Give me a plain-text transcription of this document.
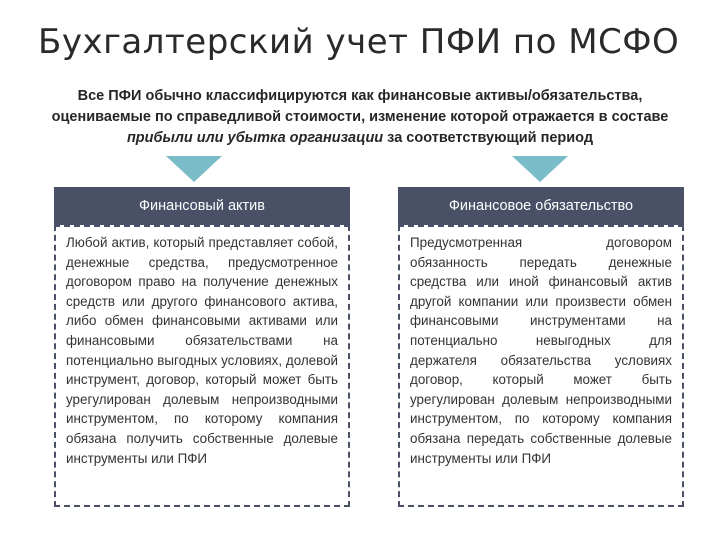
Бухгалтерский учет ПФИ по МСФО
Все ПФИ обычно классифицируются как финансовые активы/обязательства,
оцениваемые по справедливой стоимости, изменение которой отражается в составе
прибыли или убытка организации за соответствующий период
Финансовый актив
Любой актив, который представляет собой, денежные средства, предусмотренное договором право на получение денежных средств или другого финансового актива, либо обмен финансовыми активами или финансовыми обязательствами на потенциально выгодных условиях, долевой инструмент, договор, который может быть урегулирован долевым непроизводными инструментом, по которому компания обязана получить собственные долевые инструменты или ПФИ
Финансовое обязательство
Предусмотренная договором обязанность передать денежные средства или иной финансовый актив другой компании или произвести обмен финансовыми инструментами на потенциально невыгодных для держателя обязательства условиях договор, который может быть урегулирован долевым непроизводными инструментом, по которому компания обязана передать собственные долевые инструменты или ПФИ
